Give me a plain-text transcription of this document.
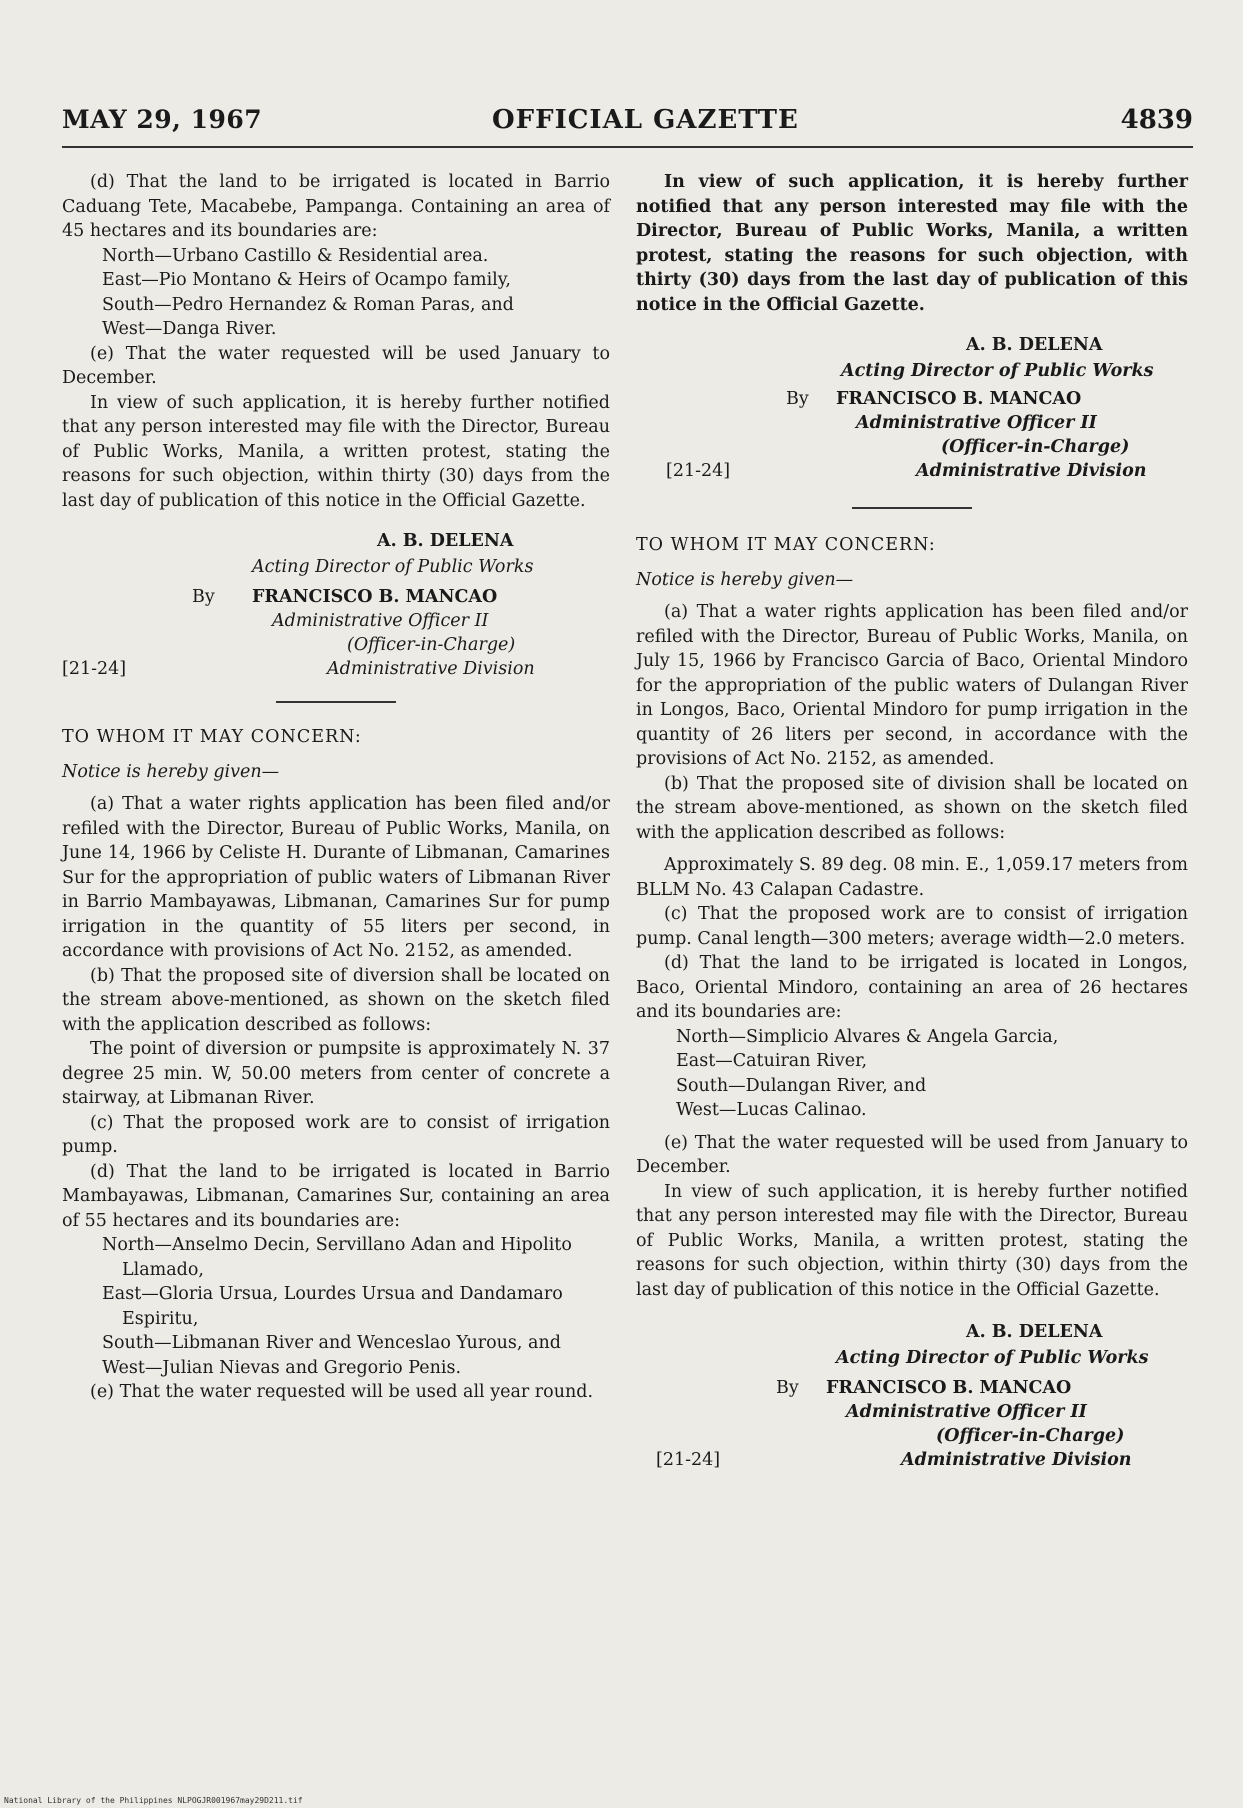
MAY 29, 1967	OFFICIAL GAZETTE	4839

(d) That the land to be irrigated is located in Barrio Caduang Tete, Macabebe, Pampanga. Containing an area of 45 hectares and its boundaries are:

North—Urbano Castillo & Residential area.

East—Pio Montano & Heirs of Ocampo family,

South—Pedro Hernandez & Roman Paras, and

West—Danga River.

(e) That the water requested will be used January to December.

In view of such application, it is hereby further notified that any person interested may file with the Director, Bureau of Public Works, Manila, a written protest, stating the reasons for such objection, within thirty (30) days from the last day of publication of this notice in the Official Gazette.

A. B. DELENA
Acting Director of Public Works
By FRANCISCO B. MANCAO
Administrative Officer II
(Officer-in-Charge)
[21-24]	Administrative Division

TO WHOM IT MAY CONCERN:

Notice is hereby given—

(a) That a water rights application has been filed and/or refiled with the Director, Bureau of Public Works, Manila, on June 14, 1966 by Celiste H. Durante of Libmanan, Camarines Sur for the appropriation of public waters of Libmanan River in Barrio Mambayawas, Libmanan, Camarines Sur for pump irrigation in the quantity of 55 liters per second, in accordance with provisions of Act No. 2152, as amended.

(b) That the proposed site of diversion shall be located on the stream above-mentioned, as shown on the sketch filed with the application described as follows:

The point of diversion or pumpsite is approximately N. 37 degree 25 min. W, 50.00 meters from center of concrete a stairway, at Libmanan River.

(c) That the proposed work are to consist of irrigation pump.

(d) That the land to be irrigated is located in Barrio Mambayawas, Libmanan, Camarines Sur, containing an area of 55 hectares and its boundaries are:

North—Anselmo Decin, Servillano Adan and Hipolito Llamado,

East—Gloria Ursua, Lourdes Ursua and Dandamaro Espiritu,

South—Libmanan River and Wenceslao Yurous, and

West—Julian Nievas and Gregorio Penis.

(e) That the water requested will be used all year round.

In view of such application, it is hereby further notified that any person interested may file with the Director, Bureau of Public Works, Manila, a written protest, stating the reasons for such objection, with thirty (30) days from the last day of publication of this notice in the Official Gazette.

A. B. DELENA
Acting Director of Public Works
By FRANCISCO B. MANCAO
Administrative Officer II
(Officer-in-Charge)
[21-24]	Administrative Division

TO WHOM IT MAY CONCERN:

Notice is hereby given—

(a) That a water rights application has been filed and/or refiled with the Director, Bureau of Public Works, Manila, on July 15, 1966 by Francisco Garcia of Baco, Oriental Mindoro for the appropriation of the public waters of Dulangan River in Longos, Baco, Oriental Mindoro for pump irrigation in the quantity of 26 liters per second, in accordance with the provisions of Act No. 2152, as amended.

(b) That the proposed site of division shall be located on the stream above-mentioned, as shown on the sketch filed with the application described as follows:

Approximately S. 89 deg. 08 min. E., 1,059.17 meters from BLLM No. 43 Calapan Cadastre.

(c) That the proposed work are to consist of irrigation pump. Canal length—300 meters; average width—2.0 meters.

(d) That the land to be irrigated is located in Longos, Baco, Oriental Mindoro, containing an area of 26 hectares and its boundaries are:

North—Simplicio Alvares & Angela Garcia,

East—Catuiran River,

South—Dulangan River, and

West—Lucas Calinao.

(e) That the water requested will be used from January to December.

In view of such application, it is hereby further notified that any person interested may file with the Director, Bureau of Public Works, Manila, a written protest, stating the reasons for such objection, within thirty (30) days from the last day of publication of this notice in the Official Gazette.

A. B. DELENA
Acting Director of Public Works
By FRANCISCO B. MANCAO
Administrative Officer II
(Officer-in-Charge)
[21-24]	Administrative Division
National Library of the Philippines NLPOGJR001967may29D211.tif
